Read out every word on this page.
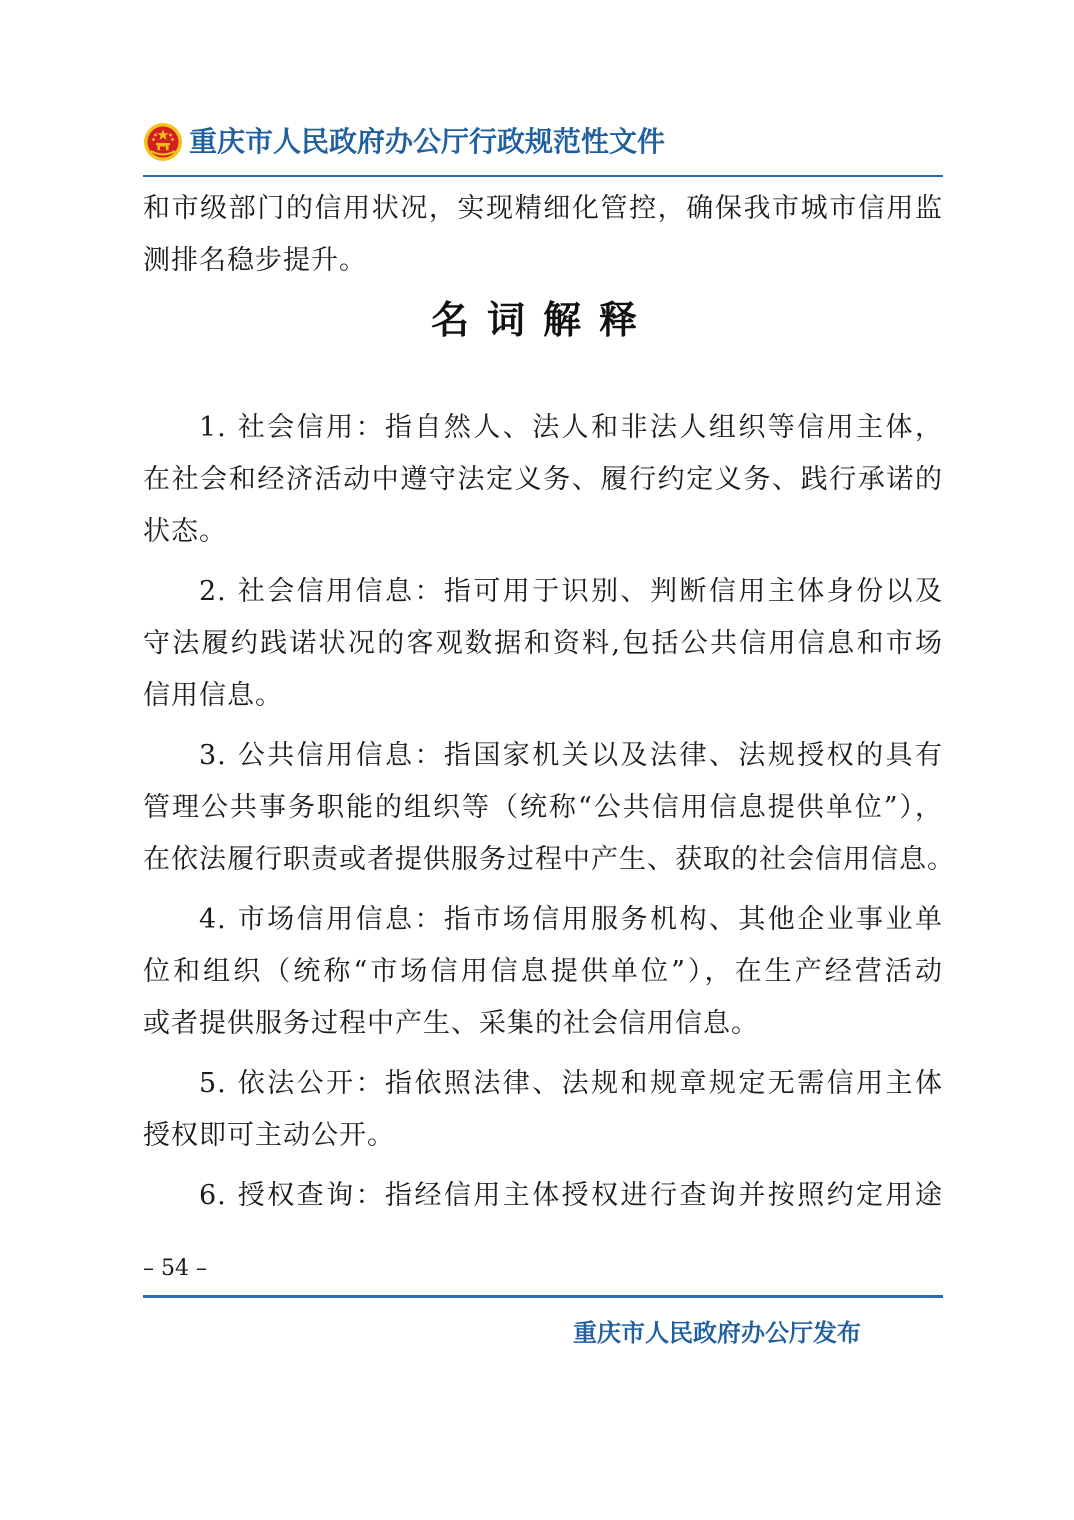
重庆市人民政府办公厅行政规范性文件
和市级部门的信用状况，实现精细化管控，确保我市城市信用监
测排名稳步提升。
名词解释
1. 社会信用：指自然人、法人和非法人组织等信用主体，
在社会和经济活动中遵守法定义务、履行约定义务、践行承诺的
状态。
2. 社会信用信息：指可用于识别、判断信用主体身份以及
守法履约践诺状况的客观数据和资料,包括公共信用信息和市场
信用信息。
3. 公共信用信息：指国家机关以及法律、法规授权的具有
管理公共事务职能的组织等（统称“公共信用信息提供单位”），
在依法履行职责或者提供服务过程中产生、获取的社会信用信息。
4. 市场信用信息：指市场信用服务机构、其他企业事业单
位和组织（统称“市场信用信息提供单位”），在生产经营活动
或者提供服务过程中产生、采集的社会信用信息。
5. 依法公开：指依照法律、法规和规章规定无需信用主体
授权即可主动公开。
6. 授权查询：指经信用主体授权进行查询并按照约定用途
– 54 –
重庆市人民政府办公厅发布
